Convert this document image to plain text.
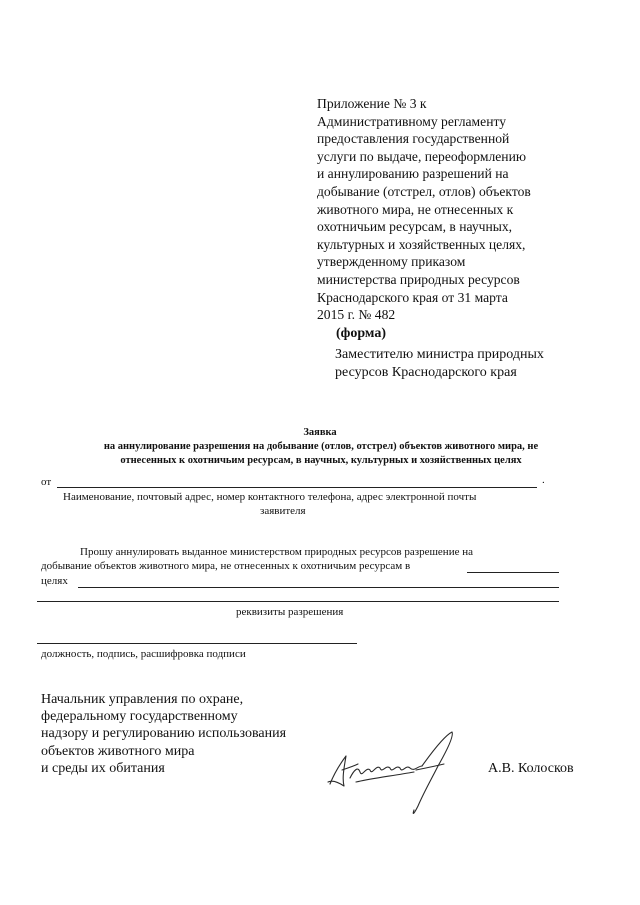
Приложение № 3 к
Административному регламенту
предоставления государственной
услуги по выдаче, переоформлению
и аннулированию разрешений на
добывание (отстрел, отлов) объектов
животного мира, не отнесенных к
охотничьим ресурсам, в научных,
культурных и хозяйственных целях,
утвержденному приказом
министерства природных ресурсов
Краснодарского края от 31 марта
2015 г. № 482
(форма)
Заместителю министра природных
ресурсов Краснодарского края
Заявка
на аннулирование разрешения на добывание (отлов, отстрел) объектов животного мира, не
отнесенных к охотничьим ресурсам, в научных, культурных и хозяйственных целях
от	.
Наименование, почтовый адрес, номер контактного телефона, адрес электронной почты
заявителя
Прошу аннулировать выданное министерством природных ресурсов разрешение на
добывание объектов животного мира, не отнесенных к охотничьим ресурсам в
целях
реквизиты разрешения
должность, подпись, расшифровка подписи
Начальник управления по охране,
федеральному государственному
надзору и регулированию использования
объектов животного мира
и среды их обитания	А.В. Колосков
